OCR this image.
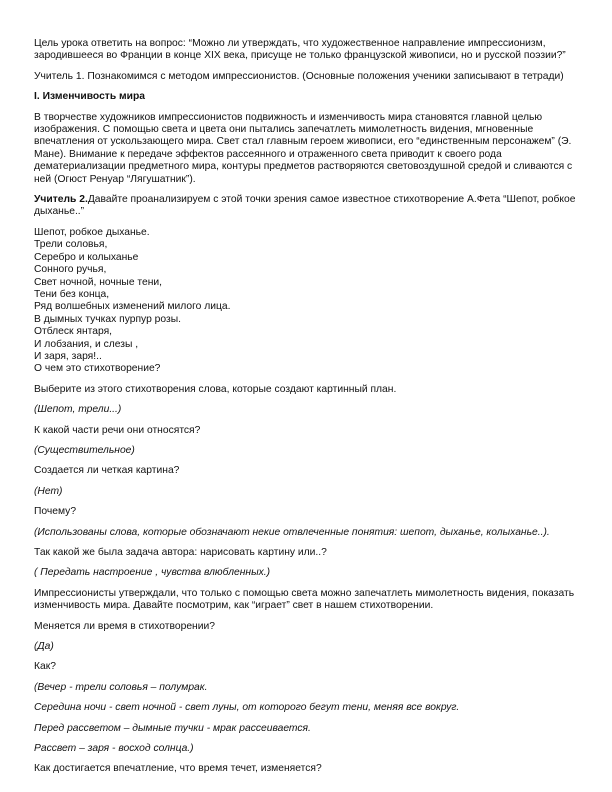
Цель урока ответить на вопрос: “Можно ли утверждать, что художественное направление импрессионизм, зародившееся во Франции в конце XIX века, присуще не только французской живописи, но и русской поэзии?”

Учитель 1. Познакомимся с методом импрессионистов. (Основные положения ученики записывают в тетради)

I. Изменчивость мира

В творчестве художников импрессионистов подвижность и изменчивость мира становятся главной целью изображения. С помощью света и цвета они пытались запечатлеть мимолетность видения, мгновенные впечатления от ускользающего мира. Свет стал главным героем живописи, его “единственным персонажем” (Э. Мане). Внимание к передаче эффектов рассеянного и отраженного света приводит к своего рода дематериализации предметного мира, контуры предметов растворяются световоздушной средой и сливаются с ней (Огюст Ренуар “Лягушатник”).

Учитель 2.Давайте проанализируем с этой точки зрения самое известное стихотворение А.Фета “Шепот, робкое дыханье..”

Шепот, робкое дыханье.
Трели соловья,
Серебро и колыханье
Сонного ручья,
Свет ночной, ночные тени,
Тени без конца,
Ряд волшебных изменений милого лица.
В дымных тучках пурпур розы.
Отблеск янтаря,
И лобзания, и слезы ,
И заря, заря!..
О чем это стихотворение?

Выберите из этого стихотворения слова, которые создают картинный план.

(Шепот, трели...)

К какой части речи они относятся?

(Существительное)

Создается ли четкая картина?

(Нет)

Почему?

(Использованы слова, которые обозначают некие отвлеченные понятия: шепот, дыханье, колыханье..).

Так какой же была задача автора: нарисовать картину или..?

( Передать настроение , чувства влюбленных.)

Импрессионисты утверждали, что только с помощью света можно запечатлеть мимолетность видения, показать изменчивость мира. Давайте посмотрим, как “играет” свет в нашем стихотворении.

Меняется ли время в стихотворении?

(Да)

Как?

(Вечер - трели соловья – полумрак.

Середина ночи - свет ночной - свет луны, от которого бегут тени, меняя все вокруг.

Перед рассветом – дымные тучки - мрак рассеивается.

Рассвет – заря - восход солнца.)

Как достигается впечатление, что время течет, изменяется?
